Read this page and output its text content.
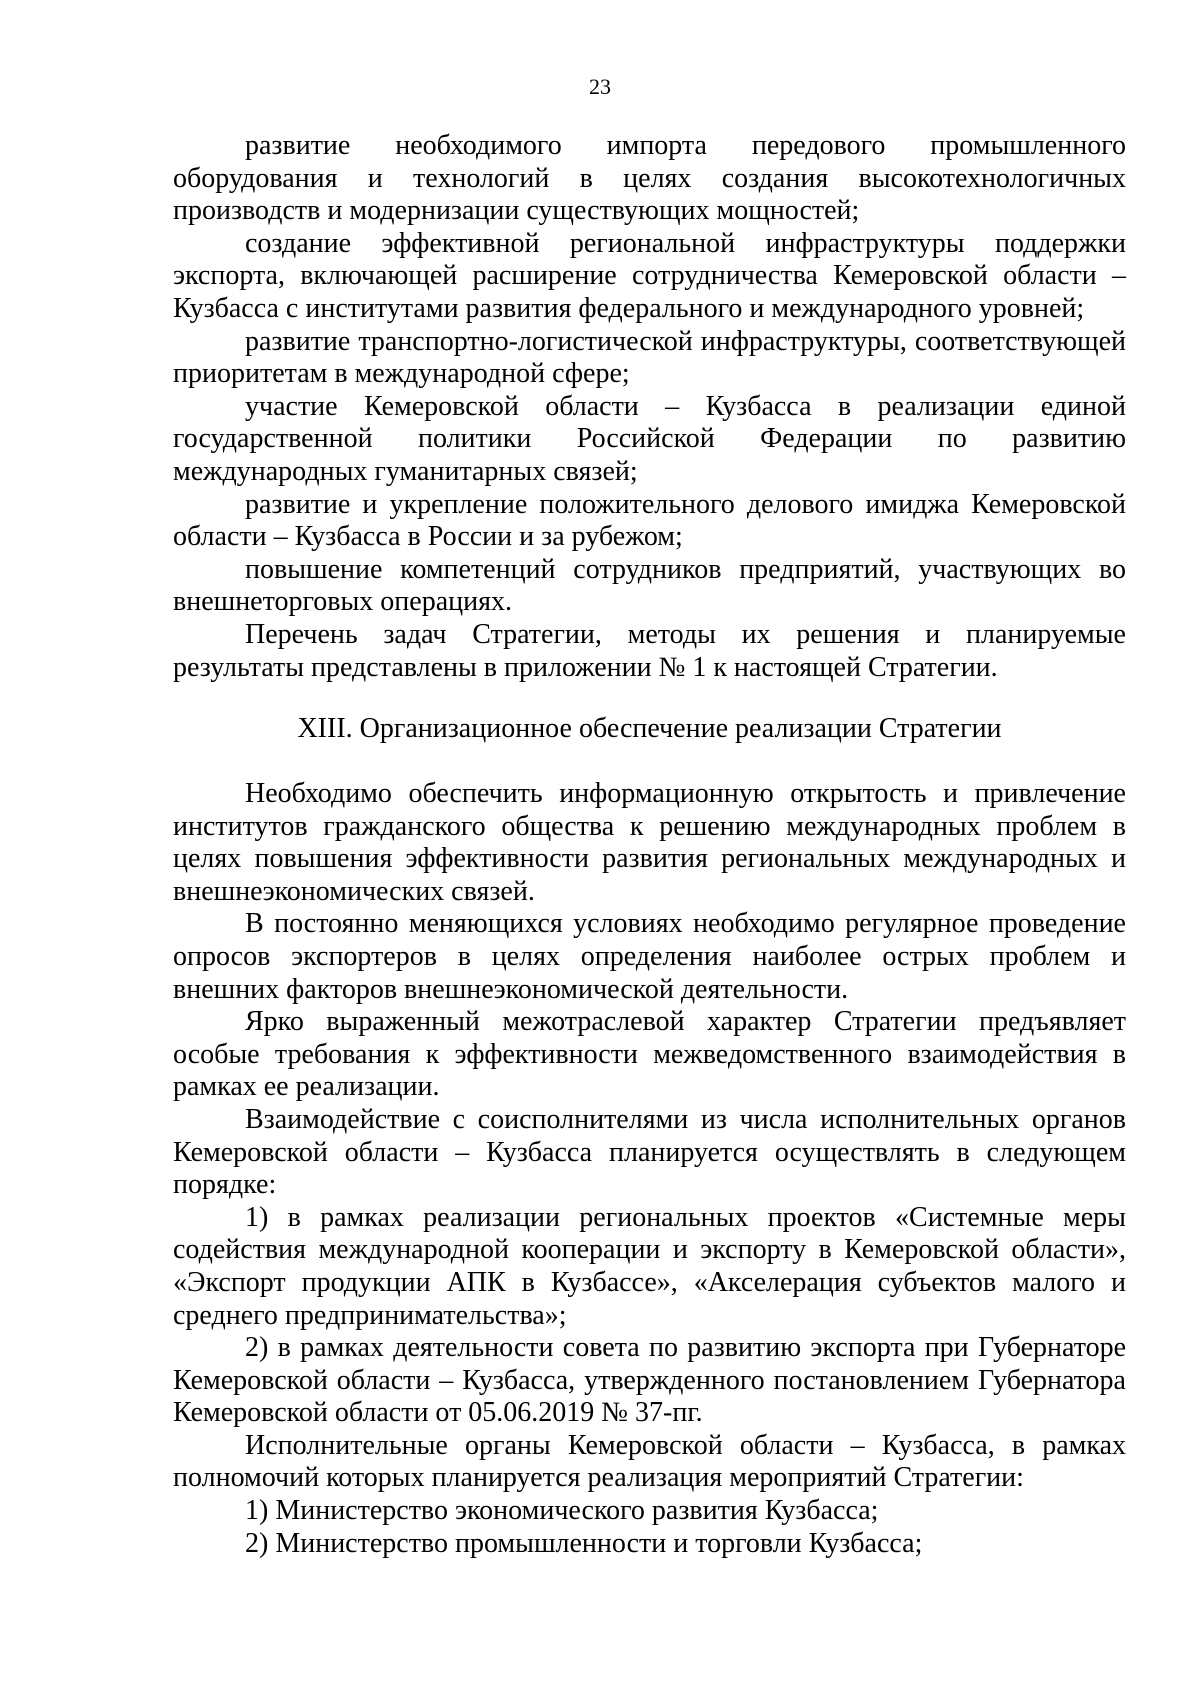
23

развитие необходимого импорта передового промышленного оборудования и технологий в целях создания высокотехнологичных производств и модернизации существующих мощностей;

создание эффективной региональной инфраструктуры поддержки экспорта, включающей расширение сотрудничества Кемеровской области – Кузбасса с институтами развития федерального и международного уровней;

развитие транспортно-логистической инфраструктуры, соответствующей приоритетам в международной сфере;

участие Кемеровской области – Кузбасса в реализации единой государственной политики Российской Федерации по развитию международных гуманитарных связей;

развитие и укрепление положительного делового имиджа Кемеровской области – Кузбасса в России и за рубежом;

повышение компетенций сотрудников предприятий, участвующих во внешнеторговых операциях.

Перечень задач Стратегии, методы их решения и планируемые результаты представлены в приложении № 1 к настоящей Стратегии.

XIII. Организационное обеспечение реализации Стратегии

Необходимо обеспечить информационную открытость и привлечение институтов гражданского общества к решению международных проблем в целях повышения эффективности развития региональных международных и внешнеэкономических связей.

В постоянно меняющихся условиях необходимо регулярное проведение опросов экспортеров в целях определения наиболее острых проблем и внешних факторов внешнеэкономической деятельности.

Ярко выраженный межотраслевой характер Стратегии предъявляет особые требования к эффективности межведомственного взаимодействия в рамках ее реализации.

Взаимодействие с соисполнителями из числа исполнительных органов Кемеровской области – Кузбасса планируется осуществлять в следующем порядке:

1) в рамках реализации региональных проектов «Системные меры содействия международной кооперации и экспорту в Кемеровской области», «Экспорт продукции АПК в Кузбассе», «Акселерация субъектов малого и среднего предпринимательства»;

2) в рамках деятельности совета по развитию экспорта при Губернаторе Кемеровской области – Кузбасса, утвержденного постановлением Губернатора Кемеровской области от 05.06.2019 № 37-пг.

Исполнительные органы Кемеровской области – Кузбасса, в рамках полномочий которых планируется реализация мероприятий Стратегии:

1) Министерство экономического развития Кузбасса;

2) Министерство промышленности и торговли Кузбасса;
